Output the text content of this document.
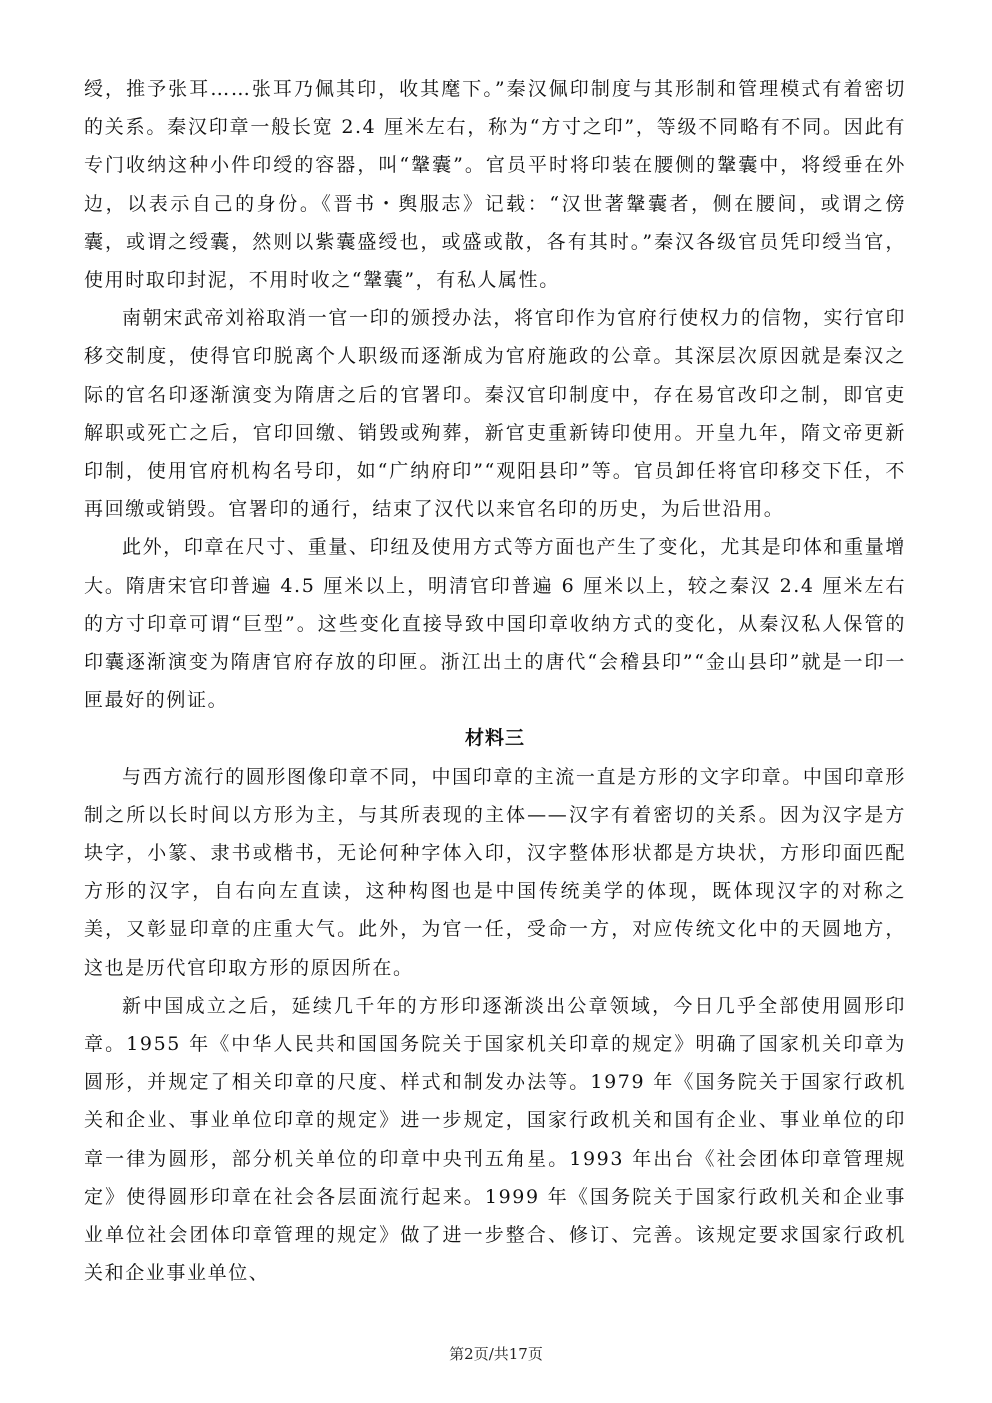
绶，推予张耳……张耳乃佩其印，收其麾下。”秦汉佩印制度与其形制和管理模式有着密切的关系。秦汉印章一般长宽 2.4 厘米左右，称为“方寸之印”，等级不同略有不同。因此有专门收纳这种小件印绶的容器，叫“鞶囊”。官员平时将印装在腰侧的鞶囊中，将绶垂在外边，以表示自己的身份。《晋书・舆服志》记载：“汉世著鞶囊者，侧在腰间，或谓之傍囊，或谓之绶囊，然则以紫囊盛绶也，或盛或散，各有其时。”秦汉各级官员凭印绶当官，使用时取印封泥，不用时收之“鞶囊”，有私人属性。

南朝宋武帝刘裕取消一官一印的颁授办法，将官印作为官府行使权力的信物，实行官印移交制度，使得官印脱离个人职级而逐渐成为官府施政的公章。其深层次原因就是秦汉之际的官名印逐渐演变为隋唐之后的官署印。秦汉官印制度中，存在易官改印之制，即官吏解职或死亡之后，官印回缴、销毁或殉葬，新官吏重新铸印使用。开皇九年，隋文帝更新印制，使用官府机构名号印，如“广纳府印”“观阳县印”等。官员卸任将官印移交下任，不再回缴或销毁。官署印的通行，结束了汉代以来官名印的历史，为后世沿用。

此外，印章在尺寸、重量、印纽及使用方式等方面也产生了变化，尤其是印体和重量增大。隋唐宋官印普遍 4.5 厘米以上，明清官印普遍 6 厘米以上，较之秦汉 2.4 厘米左右的方寸印章可谓“巨型”。这些变化直接导致中国印章收纳方式的变化，从秦汉私人保管的印囊逐渐演变为隋唐官府存放的印匣。浙江出土的唐代“会稽县印”“金山县印”就是一印一匣最好的例证。

材料三

与西方流行的圆形图像印章不同，中国印章的主流一直是方形的文字印章。中国印章形制之所以长时间以方形为主，与其所表现的主体——汉字有着密切的关系。因为汉字是方块字，小篆、隶书或楷书，无论何种字体入印，汉字整体形状都是方块状，方形印面匹配方形的汉字，自右向左直读，这种构图也是中国传统美学的体现，既体现汉字的对称之美，又彰显印章的庄重大气。此外，为官一任，受命一方，对应传统文化中的天圆地方，这也是历代官印取方形的原因所在。

新中国成立之后，延续几千年的方形印逐渐淡出公章领域，今日几乎全部使用圆形印章。1955 年《中华人民共和国国务院关于国家机关印章的规定》明确了国家机关印章为圆形，并规定了相关印章的尺度、样式和制发办法等。1979 年《国务院关于国家行政机关和企业、事业单位印章的规定》进一步规定，国家行政机关和国有企业、事业单位的印章一律为圆形，部分机关单位的印章中央刊五角星。1993 年出台《社会团体印章管理规定》使得圆形印章在社会各层面流行起来。1999 年《国务院关于国家行政机关和企业事业单位社会团体印章管理的规定》做了进一步整合、修订、完善。该规定要求国家行政机关和企业事业单位、

第2页/共17页
